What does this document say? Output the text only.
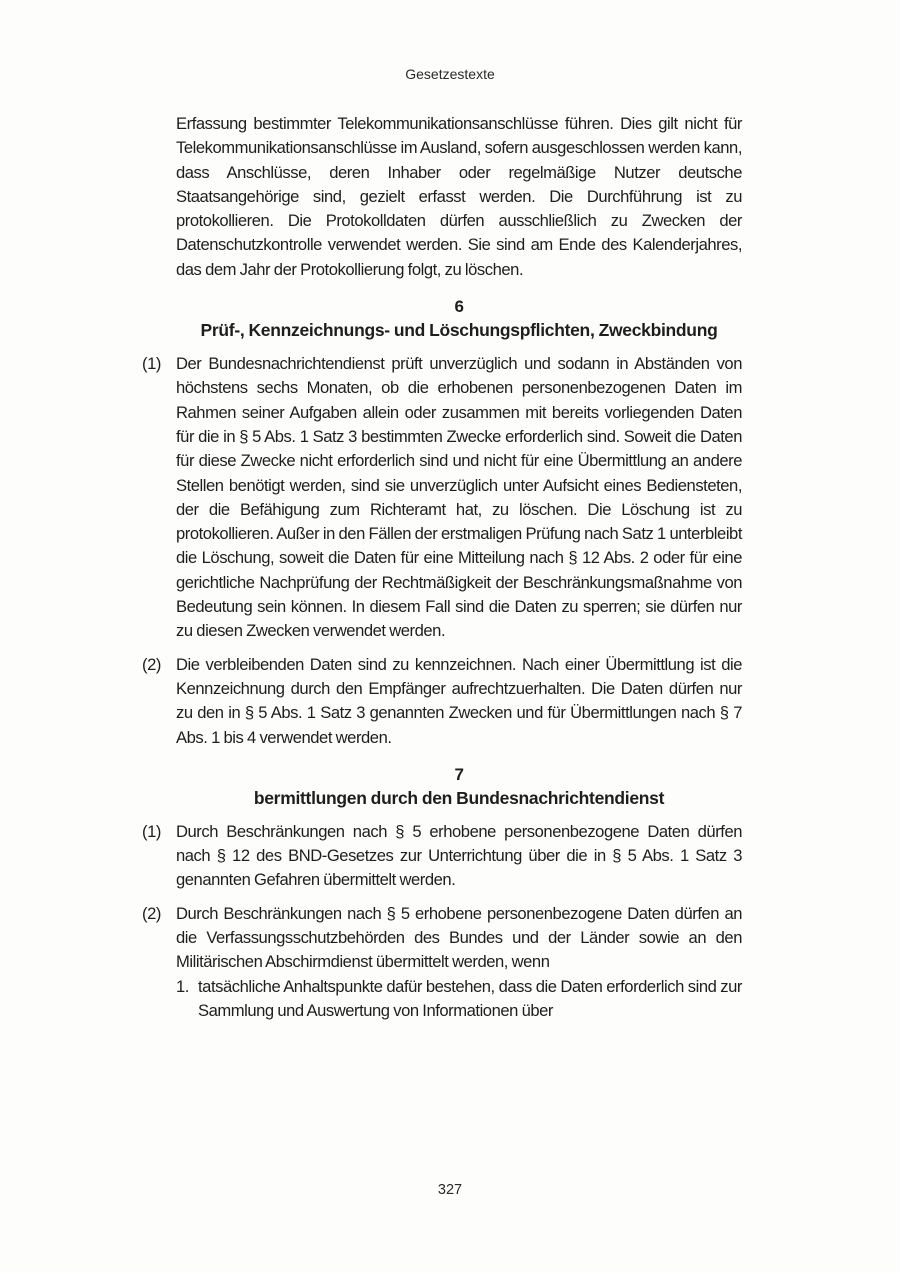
Gesetzestexte

Erfassung bestimmter Telekommunikationsanschlüsse führen. Dies gilt nicht für Telekommunikationsanschlüsse im Ausland, sofern ausgeschlossen werden kann, dass Anschlüsse, deren Inhaber oder regelmäßige Nutzer deutsche Staatsangehörige sind, gezielt erfasst werden. Die Durchführung ist zu protokollieren. Die Protokolldaten dürfen ausschließlich zu Zwecken der Datenschutzkontrolle verwendet werden. Sie sind am Ende des Kalenderjahres, das dem Jahr der Protokollierung folgt, zu löschen.

6
Prüf-, Kennzeichnungs- und Löschungspflichten, Zweckbindung
(1) Der Bundesnachrichtendienst prüft unverzüglich und sodann in Abständen von höchstens sechs Monaten, ob die erhobenen personenbezogenen Daten im Rahmen seiner Aufgaben allein oder zusammen mit bereits vorliegenden Daten für die in § 5 Abs. 1 Satz 3 bestimmten Zwecke erforderlich sind. Soweit die Daten für diese Zwecke nicht erforderlich sind und nicht für eine Übermittlung an andere Stellen benötigt werden, sind sie unverzüglich unter Aufsicht eines Bediensteten, der die Befähigung zum Richteramt hat, zu löschen. Die Löschung ist zu protokollieren. Außer in den Fällen der erstmaligen Prüfung nach Satz 1 unterbleibt die Löschung, soweit die Daten für eine Mitteilung nach § 12 Abs. 2 oder für eine gerichtliche Nachprüfung der Rechtmäßigkeit der Beschränkungsmaßnahme von Bedeutung sein können. In diesem Fall sind die Daten zu sperren; sie dürfen nur zu diesen Zwecken verwendet werden.

(2) Die verbleibenden Daten sind zu kennzeichnen. Nach einer Übermittlung ist die Kennzeichnung durch den Empfänger aufrechtzuerhalten. Die Daten dürfen nur zu den in § 5 Abs. 1 Satz 3 genannten Zwecken und für Übermittlungen nach § 7 Abs. 1 bis 4 verwendet werden.

7
bermittlungen durch den Bundesnachrichtendienst
(1) Durch Beschränkungen nach § 5 erhobene personenbezogene Daten dürfen nach § 12 des BND-Gesetzes zur Unterrichtung über die in § 5 Abs. 1 Satz 3 genannten Gefahren übermittelt werden.

(2) Durch Beschränkungen nach § 5 erhobene personenbezogene Daten dürfen an die Verfassungsschutzbehörden des Bundes und der Länder sowie an den Militärischen Abschirmdienst übermittelt werden, wenn

1. tatsächliche Anhaltspunkte dafür bestehen, dass die Daten erforderlich sind zur Sammlung und Auswertung von Informationen über

327
